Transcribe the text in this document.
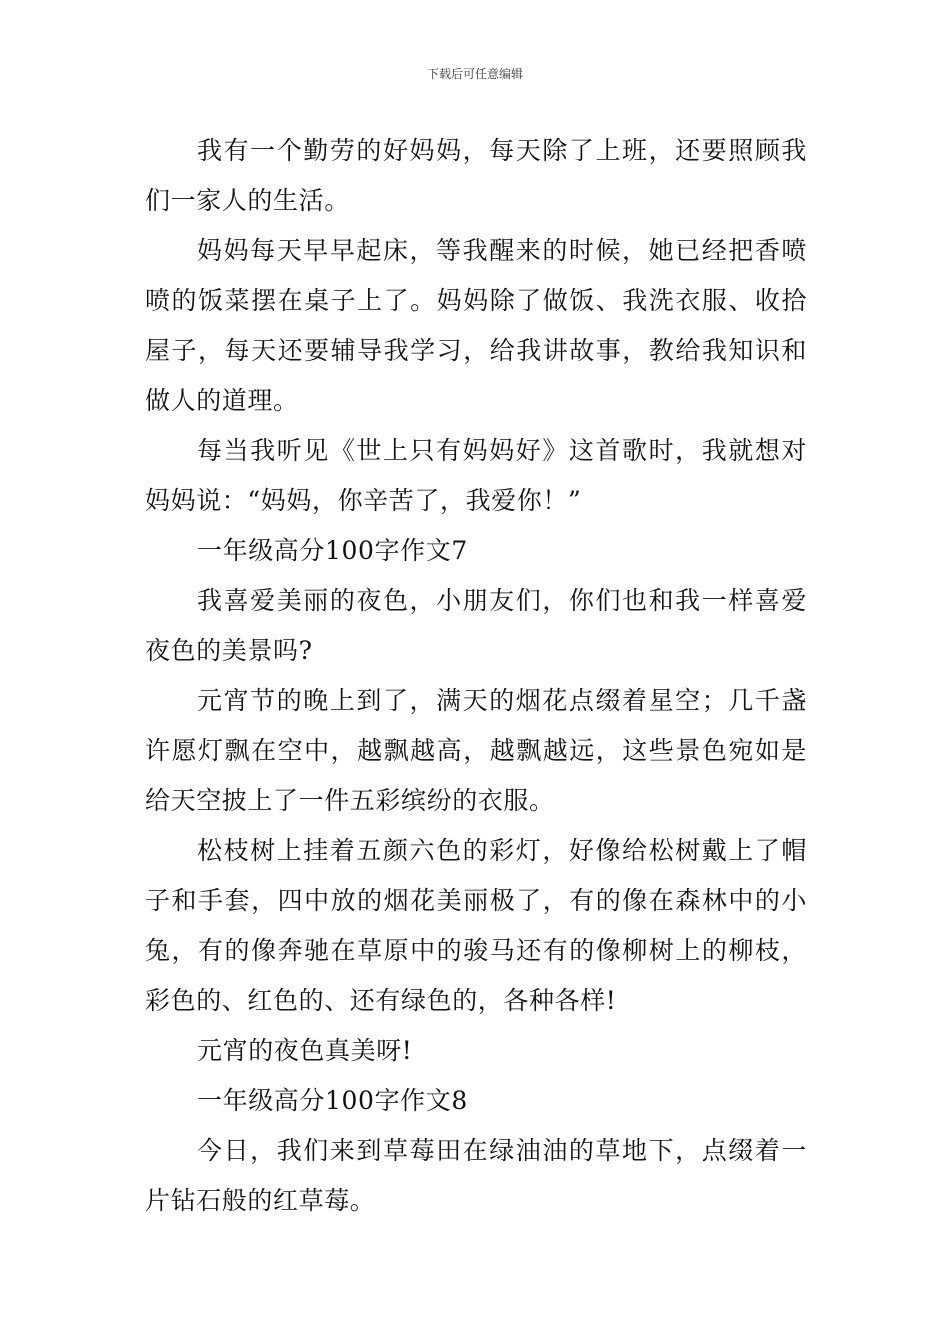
下载后可任意编辑

我有一个勤劳的好妈妈，每天除了上班，还要照顾我们一家人的生活。

妈妈每天早早起床，等我醒来的时候，她已经把香喷喷的饭菜摆在桌子上了。妈妈除了做饭、我洗衣服、收拾屋子，每天还要辅导我学习，给我讲故事，教给我知识和做人的道理。

每当我听见《世上只有妈妈好》这首歌时，我就想对妈妈说：“妈妈，你辛苦了，我爱你！”

一年级高分100字作文7

我喜爱美丽的夜色，小朋友们，你们也和我一样喜爱夜色的美景吗?

元宵节的晚上到了，满天的烟花点缀着星空；几千盏许愿灯飘在空中，越飘越高，越飘越远，这些景色宛如是给天空披上了一件五彩缤纷的衣服。

松枝树上挂着五颜六色的彩灯，好像给松树戴上了帽子和手套，四中放的烟花美丽极了，有的像在森林中的小兔，有的像奔驰在草原中的骏马还有的像柳树上的柳枝，彩色的、红色的、还有绿色的，各种各样!

元宵的夜色真美呀!

一年级高分100字作文8

今日，我们来到草莓田在绿油油的草地下，点缀着一片钻石般的红草莓。
